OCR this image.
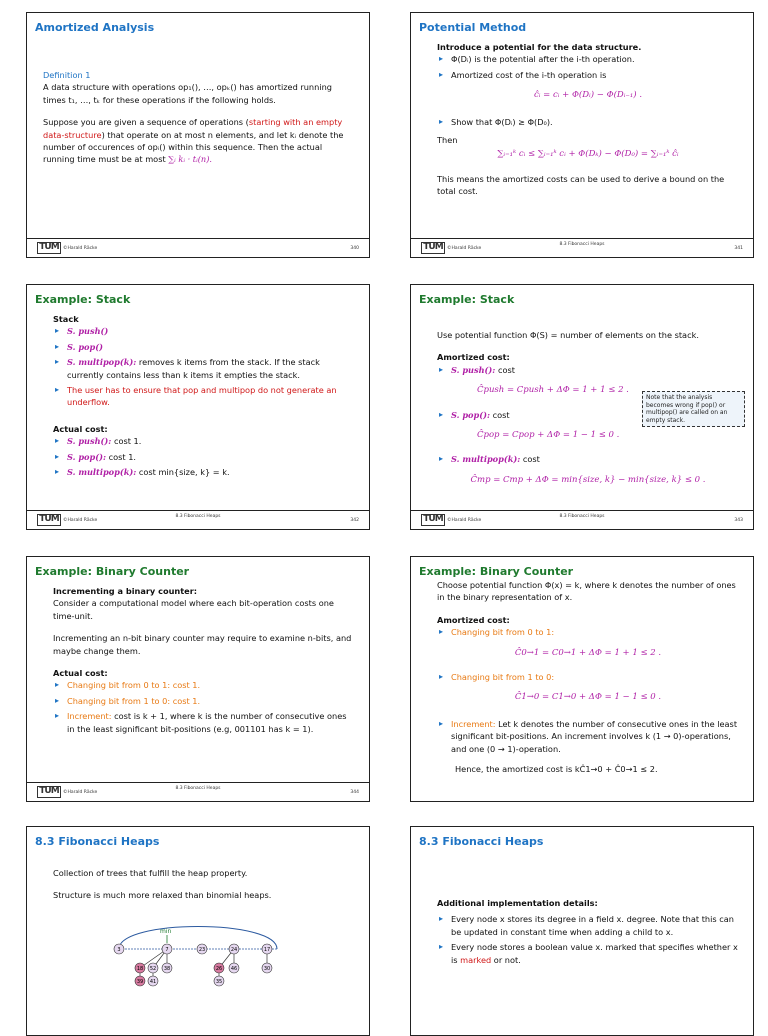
Amortized Analysis
Definition 1

A data structure with operations op₁(), …, opₖ() has amortized running times t₁, …, tₖ for these operations if the following holds.

Suppose you are given a sequence of operations (starting with an empty data-structure) that operate on at most n elements, and let kᵢ denote the number of occurences of opᵢ() within this sequence. Then the actual running time must be at most ∑ᵢ kᵢ · tᵢ(n).

TUM ©Harald Räcke	340
Potential Method
Introduce a potential for the data structure.
▸ Φ(Dᵢ) is the potential after the i-th operation.
▸ Amortized cost of the i-th operation is
ĉᵢ = cᵢ + Φ(Dᵢ) − Φ(Dᵢ₋₁) .
▸ Show that Φ(Dᵢ) ≥ Φ(D₀).
Then
∑ᵢ₌₁ᵏ cᵢ ≤ ∑ᵢ₌₁ᵏ cᵢ + Φ(Dₖ) − Φ(D₀) = ∑ᵢ₌₁ᵏ ĉᵢ

This means the amortized costs can be used to derive a bound on the total cost.

TUM ©Harald Räcke
8.3 Fibonacci Heaps
341
Example: Stack
Stack
▸ S. push()
▸ S. pop()
▸ S. multipop(k): removes k items from the stack. If the stack currently contains less than k items it empties the stack.
▸ The user has to ensure that pop and multipop do not generate an underflow.
Actual cost:
▸ S. push(): cost 1.
▸ S. pop(): cost 1.
▸ S. multipop(k): cost min{size, k} = k.
TUM ©Harald Räcke
8.3 Fibonacci Heaps
342
Example: Stack

Use potential function Φ(S) = number of elements on the stack.

Amortized cost:
▸ S. push(): cost
Ĉpush = Cpush + ΔΦ = 1 + 1 ≤ 2 .
▸ S. pop(): cost
Ĉpop = Cpop + ΔΦ = 1 − 1 ≤ 0 .
▸ S. multipop(k): cost
Ĉmp = Cmp + ΔΦ = min{size, k} − min{size, k} ≤ 0 .
Note that the analysis becomes wrong if pop() or multipop() are called on an empty stack.
TUM ©Harald Räcke
8.3 Fibonacci Heaps
343
Example: Binary Counter
Incrementing a binary counter:

Consider a computational model where each bit-operation costs one time-unit.

Incrementing an n-bit binary counter may require to examine n-bits, and maybe change them.

Actual cost:
▸ Changing bit from 0 to 1: cost 1.
▸ Changing bit from 1 to 0: cost 1.
▸ Increment: cost is k + 1, where k is the number of consecutive ones in the least significant bit-positions (e.g, 001101 has k = 1).
TUM ©Harald Räcke
8.3 Fibonacci Heaps
344
Example: Binary Counter

Choose potential function Φ(x) = k, where k denotes the number of ones in the binary representation of x.

Amortized cost:
▸ Changing bit from 0 to 1:
Ĉ0→1 = C0→1 + ΔΦ = 1 + 1 ≤ 2 .
▸ Changing bit from 1 to 0:
Ĉ1→0 = C1→0 + ΔΦ = 1 − 1 ≤ 0 .
▸ Increment: Let k denotes the number of consecutive ones in the least significant bit-positions. An increment involves k (1 → 0)-operations, and one (0 → 1)-operation.

Hence, the amortized cost is kĈ1→0 + Ĉ0→1 ≤ 2.

8.3 Fibonacci Heaps

Collection of trees that fulfill the heap property.

Structure is much more relaxed than binomial heaps.

min
3	7	23	24	17
18 52 38
39 41
26 46
35
30
8.3 Fibonacci Heaps
Additional implementation details:
▸ Every node x stores its degree in a field x. degree. Note that this can be updated in constant time when adding a child to x.
▸ Every node stores a boolean value x. marked that specifies whether x is marked or not.
